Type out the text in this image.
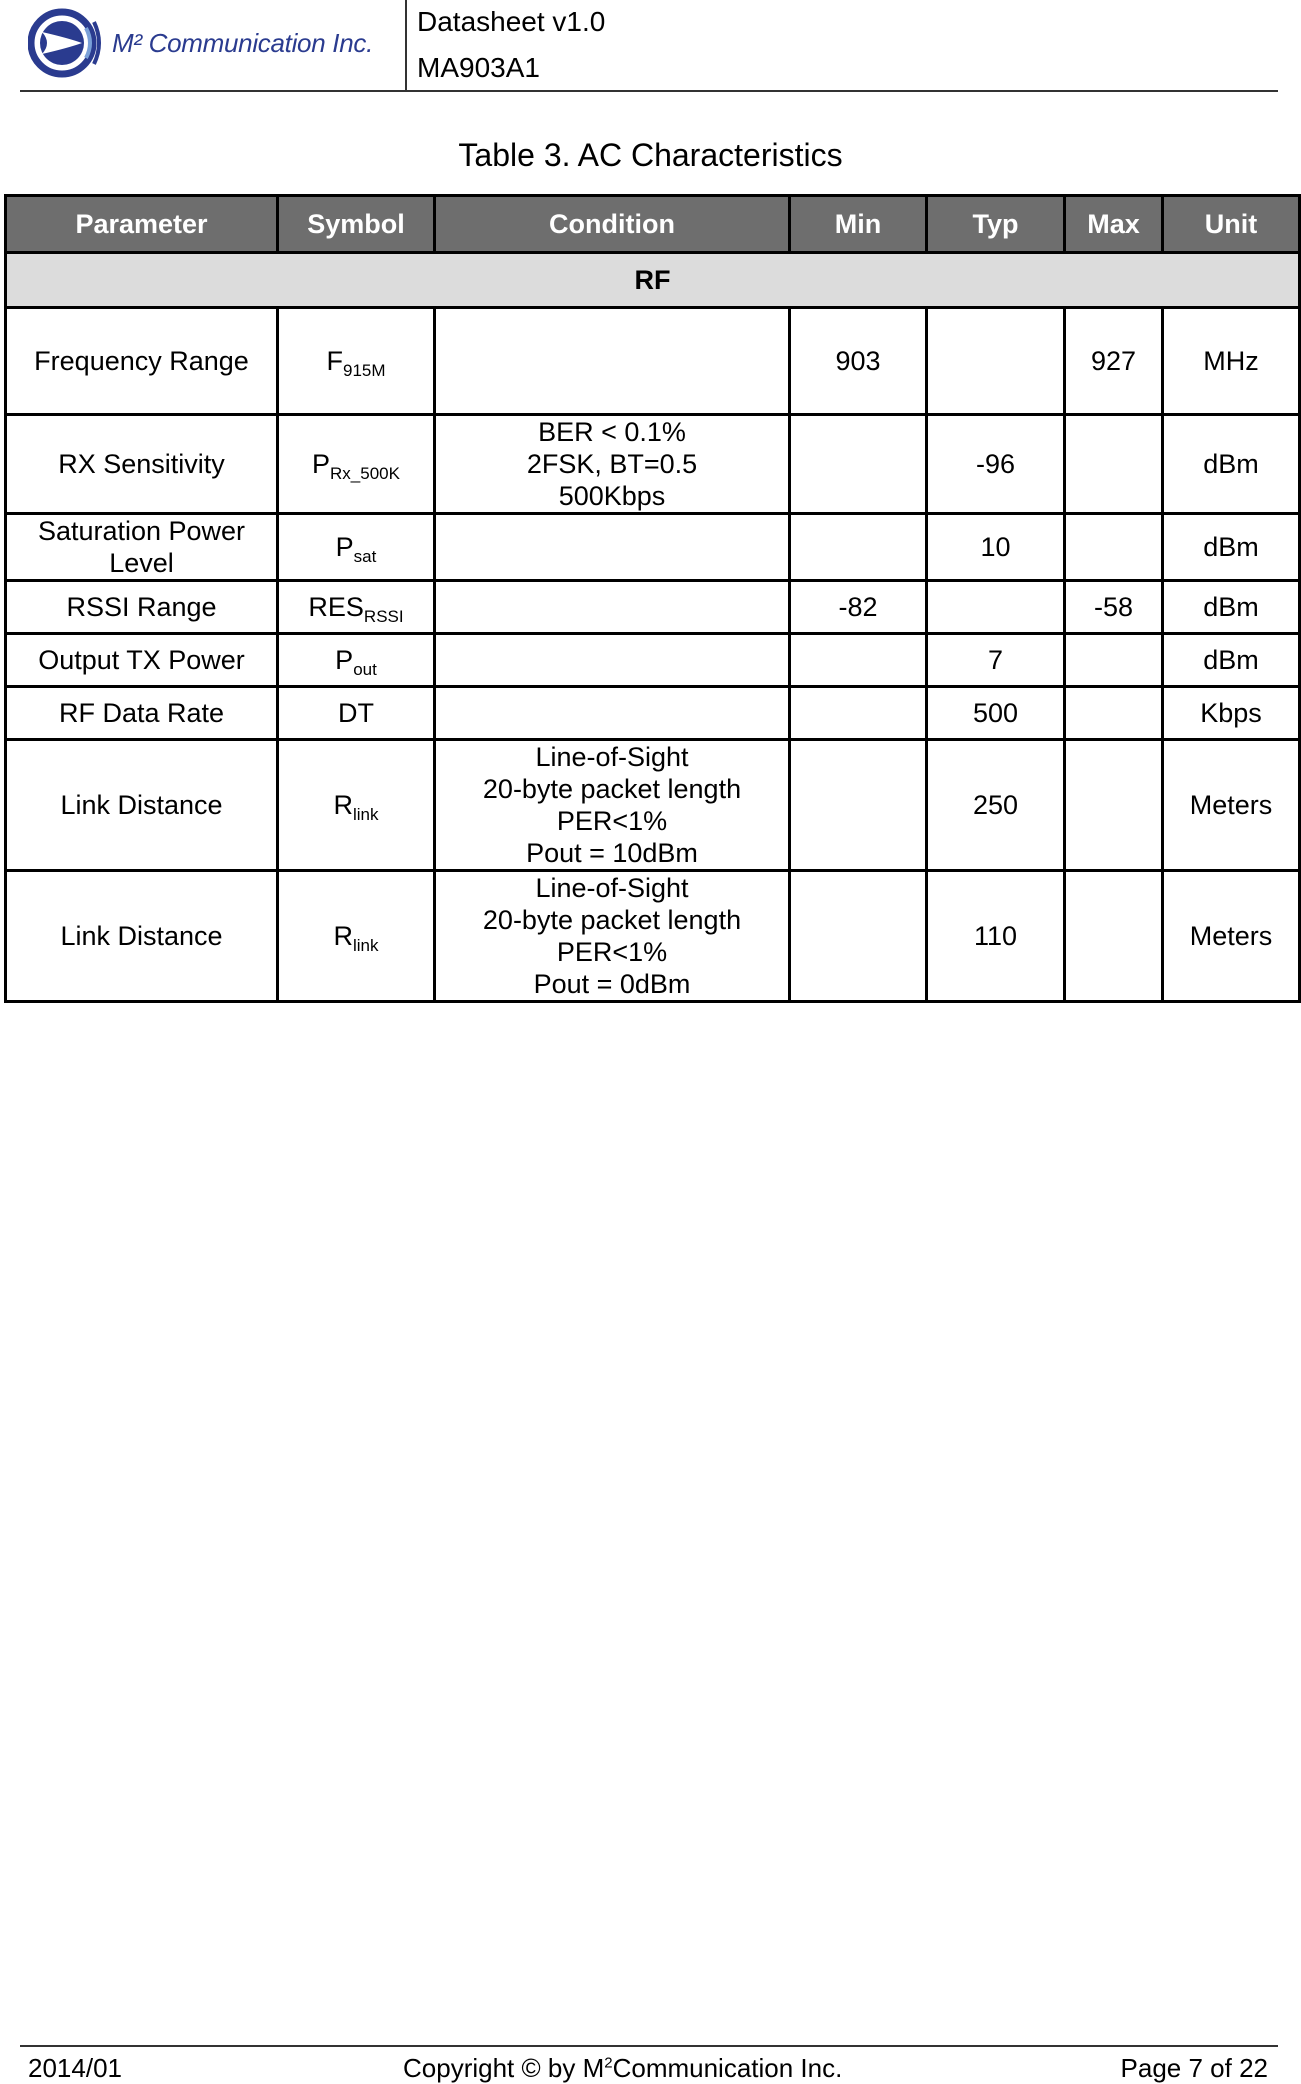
M² Communication Inc.
Datasheet v1.0
MA903A1
Table 3. AC Characteristics
Parameter	Symbol	Condition	Min	Typ	Max	Unit
RF						
Frequency Range	$F_{915M}$		903		927	MHz
RX Sensitivity	$P_{Rx\_500K}$	BER < 0.1%
2FSK, BT=0.5
500Kbps		-96		dBm
Saturation Power Level	$P_{sat}$			10		dBm
RSSI Range	$RES_{RSSI}$		-82		-58	dBm
Output TX Power	$P_{out}$			7		dBm
RF Data Rate	DT			500		Kbps
Link Distance	$R_{link}$	Line-of-Sight
20-byte packet length
PER<1%
Pout = 10dBm		250		Meters
Link Distance	$R_{link}$	Line-of-Sight
20-byte packet length
PER<1%
Pout = 0dBm		110		Meters
2014/01	Copyright © by $M^2Communication$ Inc.	Page 7 of 22
